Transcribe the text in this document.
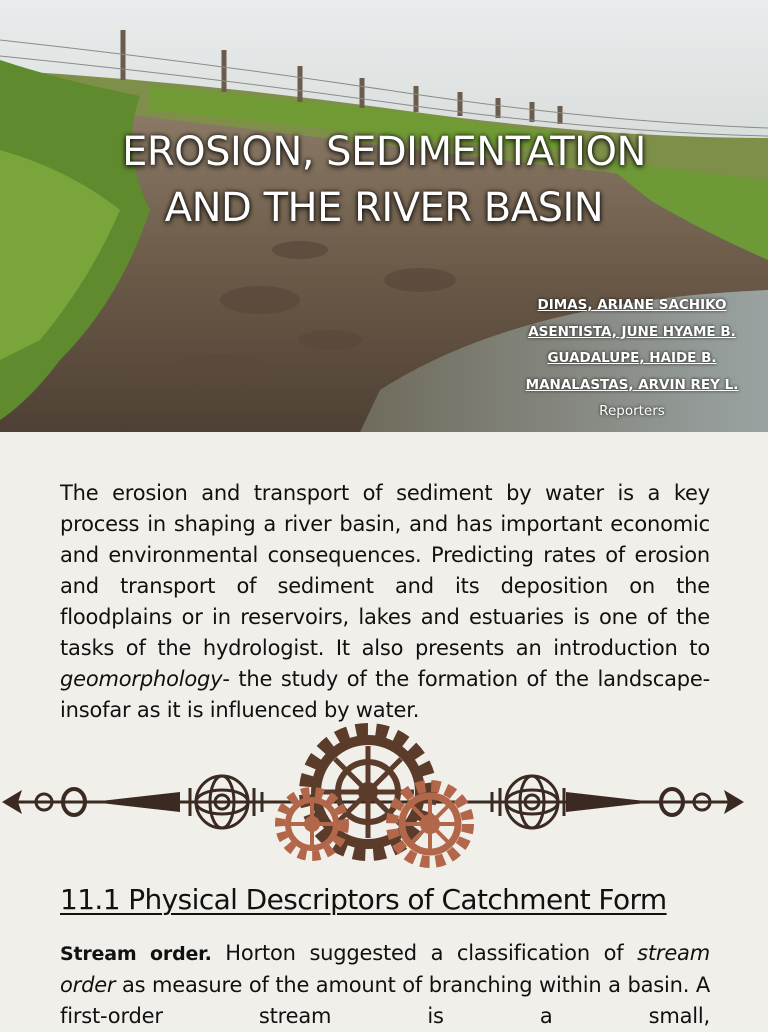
EROSION, SEDIMENTATION
AND THE RIVER BASIN
DIMAS, ARIANE SACHIKO
ASENTISTA, JUNE HYAME B.
GUADALUPE, HAIDE B.
MANALASTAS, ARVIN REY L.
Reporters
The erosion and transport of sediment by water is a key process in shaping a river basin, and has important economic and environmental consequences. Predicting rates of erosion and transport of sediment and its deposition on the floodplains or in reservoirs, lakes and estuaries is one of the tasks of the hydrologist. It also presents an introduction to geomorphology- the study of the formation of the landscape- insofar as it is influenced by water.
11.1 Physical Descriptors of Catchment Form
Stream order. Horton suggested a classification of stream order as measure of the amount of branching within a basin. A first-order stream is a small,
